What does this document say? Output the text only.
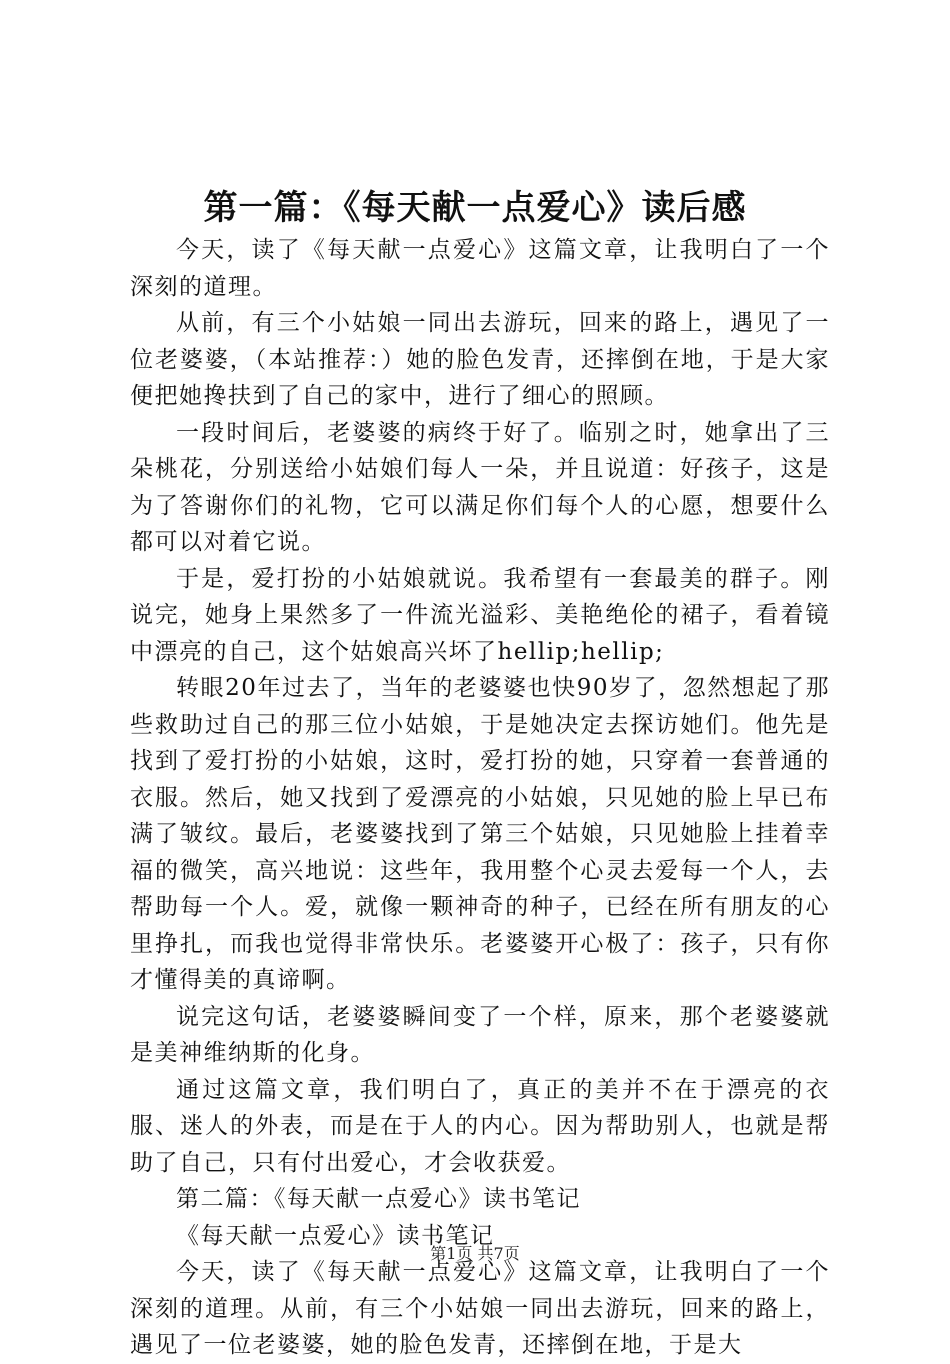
第一篇：《每天献一点爱心》读后感

今天，读了《每天献一点爱心》这篇文章，让我明白了一个深刻的道理。

从前，有三个小姑娘一同出去游玩，回来的路上，遇见了一位老婆婆，（本站推荐：）她的脸色发青，还摔倒在地，于是大家便把她搀扶到了自己的家中，进行了细心的照顾。

一段时间后，老婆婆的病终于好了。临别之时，她拿出了三朵桃花，分别送给小姑娘们每人一朵，并且说道：好孩子，这是为了答谢你们的礼物，它可以满足你们每个人的心愿，想要什么都可以对着它说。

于是，爱打扮的小姑娘就说。我希望有一套最美的群子。刚说完，她身上果然多了一件流光溢彩、美艳绝伦的裙子，看着镜中漂亮的自己，这个姑娘高兴坏了hellip;hellip;

转眼20年过去了，当年的老婆婆也快90岁了，忽然想起了那些救助过自己的那三位小姑娘，于是她决定去探访她们。他先是找到了爱打扮的小姑娘，这时，爱打扮的她，只穿着一套普通的衣服。然后，她又找到了爱漂亮的小姑娘，只见她的脸上早已布满了皱纹。最后，老婆婆找到了第三个姑娘，只见她脸上挂着幸福的微笑，高兴地说：这些年，我用整个心灵去爱每一个人，去帮助每一个人。爱，就像一颗神奇的种子，已经在所有朋友的心里挣扎，而我也觉得非常快乐。老婆婆开心极了：孩子，只有你才懂得美的真谛啊。

说完这句话，老婆婆瞬间变了一个样，原来，那个老婆婆就是美神维纳斯的化身。

通过这篇文章，我们明白了，真正的美并不在于漂亮的衣服、迷人的外表，而是在于人的内心。因为帮助别人，也就是帮助了自己，只有付出爱心，才会收获爱。

第二篇：《每天献一点爱心》读书笔记

《每天献一点爱心》读书笔记

今天，读了《每天献一点爱心》这篇文章，让我明白了一个深刻的道理。从前，有三个小姑娘一同出去游玩，回来的路上，遇见了一位老婆婆，她的脸色发青，还摔倒在地，于是大

第1页 共7页
